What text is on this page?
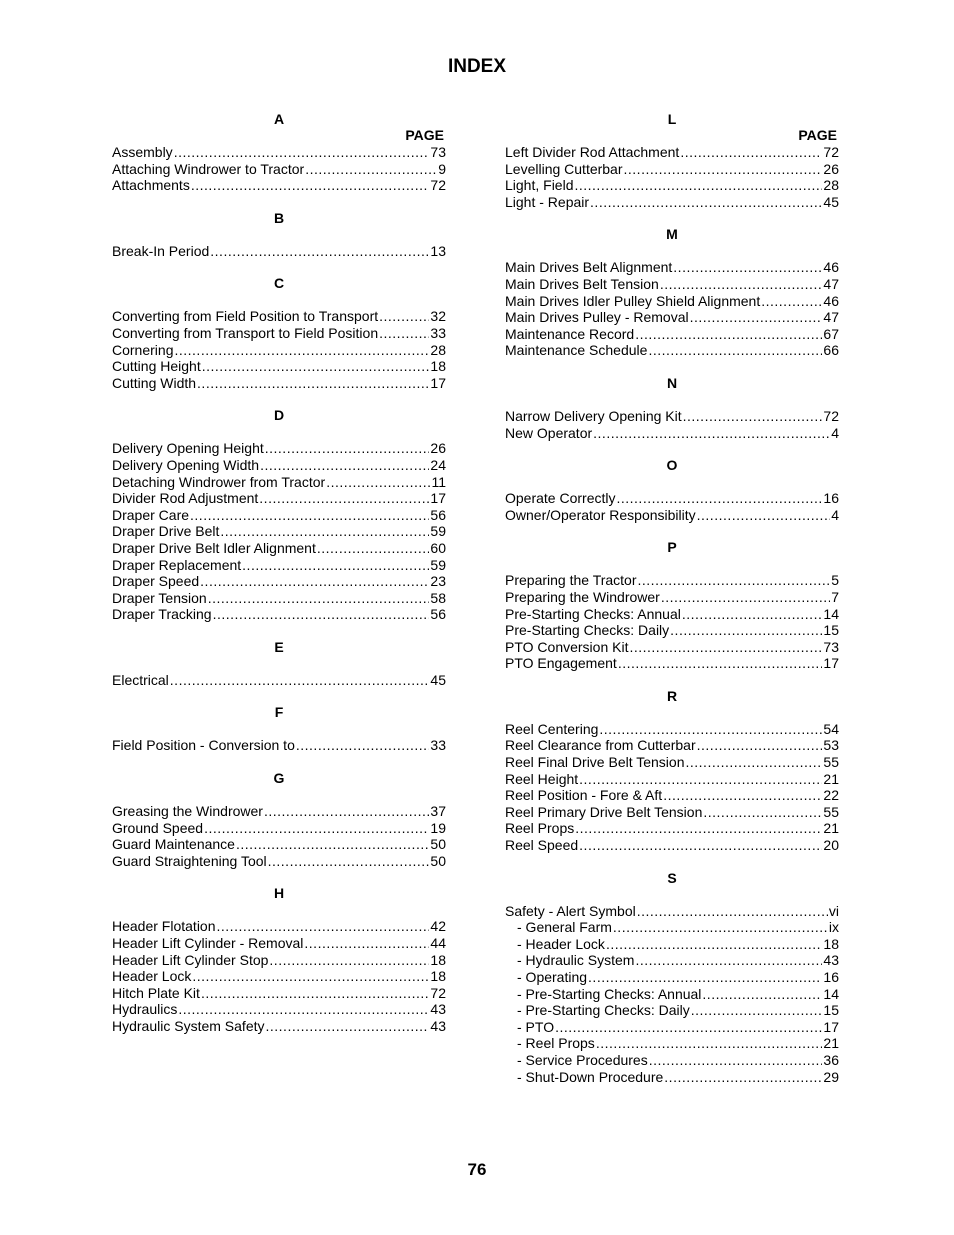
INDEX
A
PAGE
Assembly .....	73
Attaching Windrower to Tractor .....	9
Attachments .....	72
B
Break-In Period .....	13
C
Converting from Field Position to Transport .....	32
Converting from Transport to Field Position .....	33
Cornering .....	28
Cutting Height .....	18
Cutting Width .....	17
D
Delivery Opening Height .....	26
Delivery Opening Width .....	24
Detaching Windrower from Tractor .....	11
Divider Rod Adjustment .....	17
Draper Care .....	56
Draper Drive Belt .....	59
Draper Drive Belt Idler Alignment .....	60
Draper Replacement .....	59
Draper Speed .....	23
Draper Tension .....	58
Draper Tracking .....	56
E
Electrical .....	45
F
Field Position - Conversion to .....	33
G
Greasing the Windrower .....	37
Ground Speed .....	19
Guard Maintenance .....	50
Guard Straightening Tool .....	50
H
Header Flotation .....	42
Header Lift Cylinder - Removal .....	44
Header Lift Cylinder Stop .....	18
Header Lock .....	18
Hitch Plate Kit .....	72
Hydraulics .....	43
Hydraulic System Safety .....	43
L
PAGE
Left Divider Rod Attachment .....	72
Levelling Cutterbar .....	26
Light, Field .....	28
Light - Repair .....	45
M
Main Drives Belt Alignment .....	46
Main Drives Belt Tension .....	47
Main Drives Idler Pulley Shield Alignment .....	46
Main Drives Pulley - Removal .....	47
Maintenance Record .....	67
Maintenance Schedule .....	66
N
Narrow Delivery Opening Kit .....	72
New Operator .....	4
O
Operate Correctly .....	16
Owner/Operator Responsibility .....	4
P
Preparing the Tractor .....	5
Preparing the Windrower .....	7
Pre-Starting Checks: Annual .....	14
Pre-Starting Checks: Daily .....	15
PTO Conversion Kit .....	73
PTO Engagement .....	17
R
Reel Centering .....	54
Reel Clearance from Cutterbar .....	53
Reel Final Drive Belt Tension .....	55
Reel Height .....	21
Reel Position - Fore & Aft .....	22
Reel Primary Drive Belt Tension .....	55
Reel Props .....	21
Reel Speed .....	20
S
Safety - Alert Symbol .....	vi
- General Farm .....	ix
- Header Lock .....	18
- Hydraulic System .....	43
- Operating .....	16
- Pre-Starting Checks: Annual .....	14
- Pre-Starting Checks: Daily .....	15
- PTO .....	17
- Reel Props .....	21
- Service Procedures .....	36
- Shut-Down Procedure .....	29
76
